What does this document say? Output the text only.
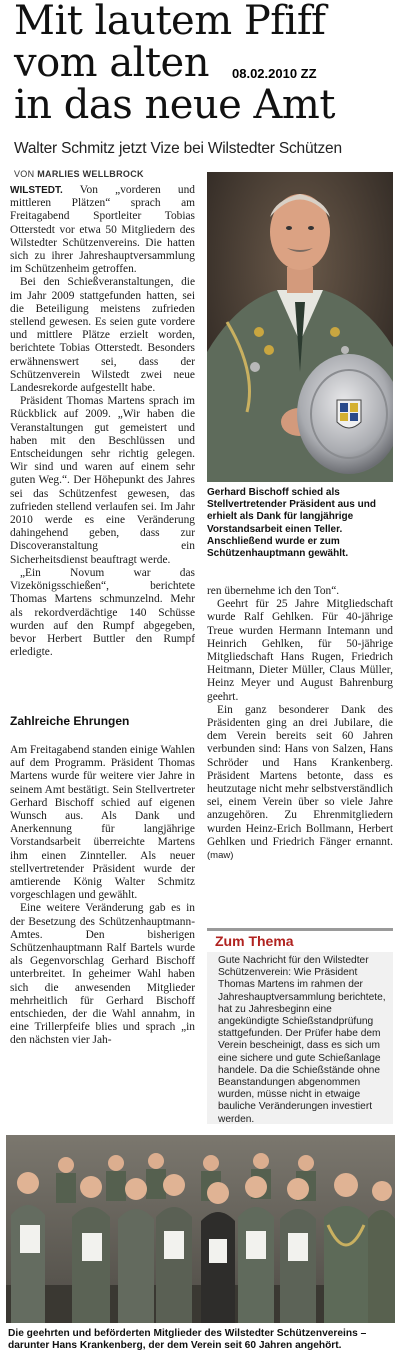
Mit lautem Pfiff
vom alten
in das neue Amt
08.02.2010 ZZ
Walter Schmitz jetzt Vize bei Wilstedter Schützen
VON MARLIES WELLBROCK

WILSTEDT. Von „vorderen und mittleren Plätzen“ sprach am Freitagabend Sportleiter Tobias Otterstedt vor etwa 50 Mitgliedern des Wilstedter Schützenvereins. Die hatten sich zu ihrer Jahreshauptversammlung im Schützenheim getroffen.

Bei den Schießveranstaltungen, die im Jahr 2009 stattgefunden hatten, sei die Beteiligung meistens zufrieden stellend gewesen. Es seien gute vordere und mittlere Plätze erzielt worden, berichtete Tobias Otterstedt. Besonders erwähnenswert sei, dass der Schützenverein Wilstedt zwei neue Landesrekorde aufgestellt habe.

Präsident Thomas Martens sprach im Rückblick auf 2009. „Wir haben die Veranstaltungen gut gemeistert und haben mit den Beschlüssen und Entscheidungen sehr richtig gelegen. Wir sind und waren auf einem sehr guten Weg.“. Der Höhepunkt des Jahres sei das Schützenfest gewesen, das zufrieden stellend verlaufen sei. Im Jahr 2010 werde es eine Veränderung dahingehend geben, dass zur Discoveranstaltung ein Sicherheitsdienst beauftragt werde.

„Ein Novum war das Vizekönigsschießen“, berichtete Thomas Martens schmunzelnd. Mehr als rekordverdächtige 140 Schüsse wurden auf den Rumpf abgegeben, bevor Herbert Buttler den Rumpf erledigte.

Zahlreiche Ehrungen

Am Freitagabend standen einige Wahlen auf dem Programm. Präsident Thomas Martens wurde für weitere vier Jahre in seinem Amt bestätigt. Sein Stellvertreter Gerhard Bischoff schied auf eigenen Wunsch aus. Als Dank und Anerkennung für langjährige Vorstandsarbeit überreichte Martens ihm einen Zinnteller. Als neuer stellvertretender Präsident wurde der amtierende König Walter Schmitz vorgeschlagen und gewählt.

Eine weitere Veränderung gab es in der Besetzung des Schützenhauptmann-Amtes. Den bisherigen Schützenhauptmann Ralf Bartels wurde als Gegenvorschlag Gerhard Bischoff unterbreitet. In geheimer Wahl haben sich die anwesenden Mitglieder mehrheitlich für Gerhard Bischoff entschieden, der die Wahl annahm, in eine Trillerpfeife blies und sprach „in den nächsten vier Jah-

Gerhard Bischoff schied als Stellvertretender Präsident aus und erhielt als Dank für langjährige Vorstandsarbeit einen Teller. Anschließend wurde er zum Schützenhauptmann gewählt.

ren übernehme ich den Ton“.

Geehrt für 25 Jahre Mitgliedschaft wurde Ralf Gehlken. Für 40-jährige Treue wurden Hermann Intemann und Heinrich Gehlken, für 50-jährige Mitgliedschaft Hans Rugen, Friedrich Heitmann, Dieter Müller, Claus Müller, Heinz Meyer und August Bahrenburg geehrt.

Ein ganz besonderer Dank des Präsidenten ging an drei Jubilare, die dem Verein bereits seit 60 Jahren verbunden sind: Hans von Salzen, Hans Schröder und Hans Krankenberg. Präsident Martens betonte, dass es heutzutage nicht mehr selbstverständlich sei, einem Verein über so viele Jahre anzugehören. Zu Ehrenmitgliedern wurden Heinz-Erich Bollmann, Herbert Gehlken und Friedrich Fänger ernannt. (maw)

Zum Thema
Gute Nachricht für den Wilstedter Schützenverein: Wie Präsident Thomas Martens im rahmen der Jahreshauptversammlung berichtete, hat zu Jahresbeginn eine angekündigte Schießstandprüfung stattgefunden. Der Prüfer habe dem Verein bescheinigt, dass es sich um eine sichere und gute Schießanlage handele. Da die Schießstände ohne Beanstandungen abgenommen wurden, müsse nicht in etwaige bauliche Veränderungen investiert werden.
Die geehrten und beförderten Mitglieder des Wilstedter Schützenvereins – darunter Hans Krankenberg, der dem Verein seit 60 Jahren angehört.
